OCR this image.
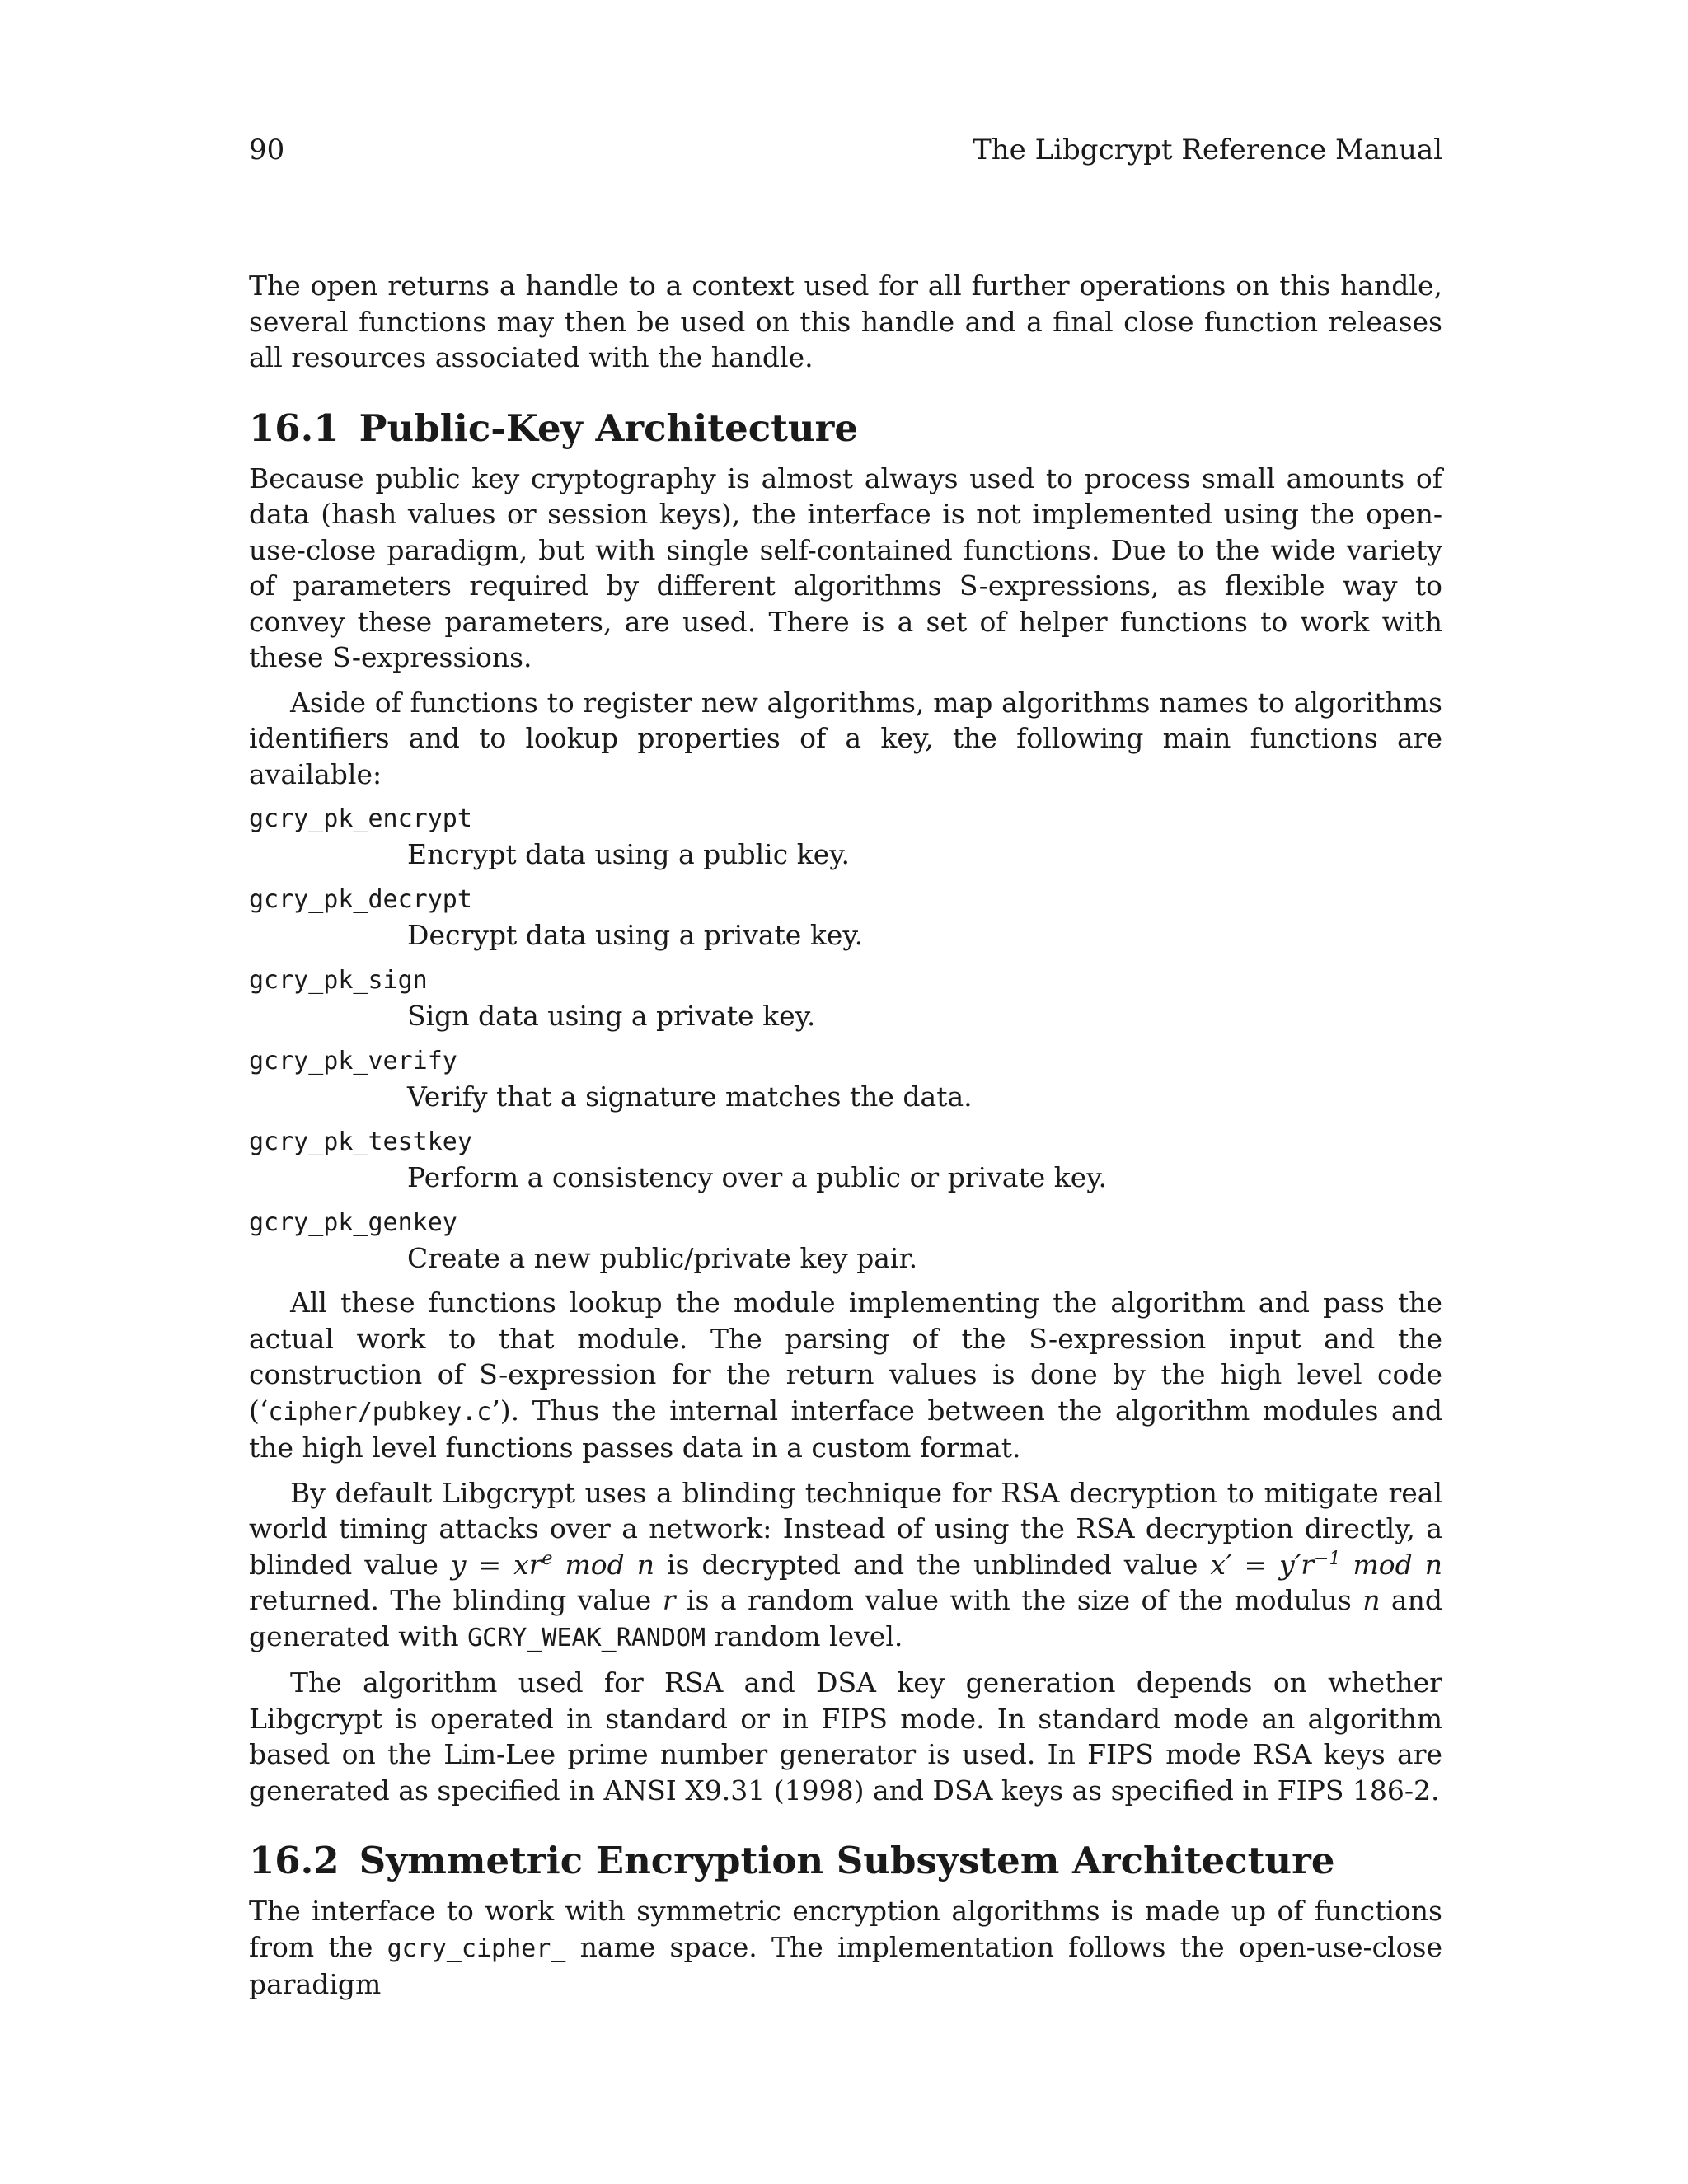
90	The Libgcrypt Reference Manual

The open returns a handle to a context used for all further operations on this handle, several functions may then be used on this handle and a final close function releases all resources associated with the handle.

16.1 Public-Key Architecture

Because public key cryptography is almost always used to process small amounts of data (hash values or session keys), the interface is not implemented using the open-use-close paradigm, but with single self-contained functions. Due to the wide variety of parameters required by different algorithms S-expressions, as flexible way to convey these parameters, are used. There is a set of helper functions to work with these S-expressions.

Aside of functions to register new algorithms, map algorithms names to algorithms identifiers and to lookup properties of a key, the following main functions are available:

gcry_pk_encrypt
Encrypt data using a public key.
gcry_pk_decrypt
Decrypt data using a private key.
gcry_pk_sign
Sign data using a private key.
gcry_pk_verify
Verify that a signature matches the data.
gcry_pk_testkey
Perform a consistency over a public or private key.
gcry_pk_genkey
Create a new public/private key pair.

All these functions lookup the module implementing the algorithm and pass the actual work to that module. The parsing of the S-expression input and the construction of S-expression for the return values is done by the high level code (‘cipher/pubkey.c’). Thus the internal interface between the algorithm modules and the high level functions passes data in a custom format.

By default Libgcrypt uses a blinding technique for RSA decryption to mitigate real world timing attacks over a network: Instead of using the RSA decryption directly, a blinded value $y = xr^e$ mod n is decrypted and the unblinded value $x' = y'r^{-1}$ mod n returned. The blinding value r is a random value with the size of the modulus n and generated with GCRY_WEAK_RANDOM random level.

The algorithm used for RSA and DSA key generation depends on whether Libgcrypt is operated in standard or in FIPS mode. In standard mode an algorithm based on the Lim-Lee prime number generator is used. In FIPS mode RSA keys are generated as specified in ANSI X9.31 (1998) and DSA keys as specified in FIPS 186-2.

16.2 Symmetric Encryption Subsystem Architecture

The interface to work with symmetric encryption algorithms is made up of functions from the gcry_cipher_ name space. The implementation follows the open-use-close paradigm
